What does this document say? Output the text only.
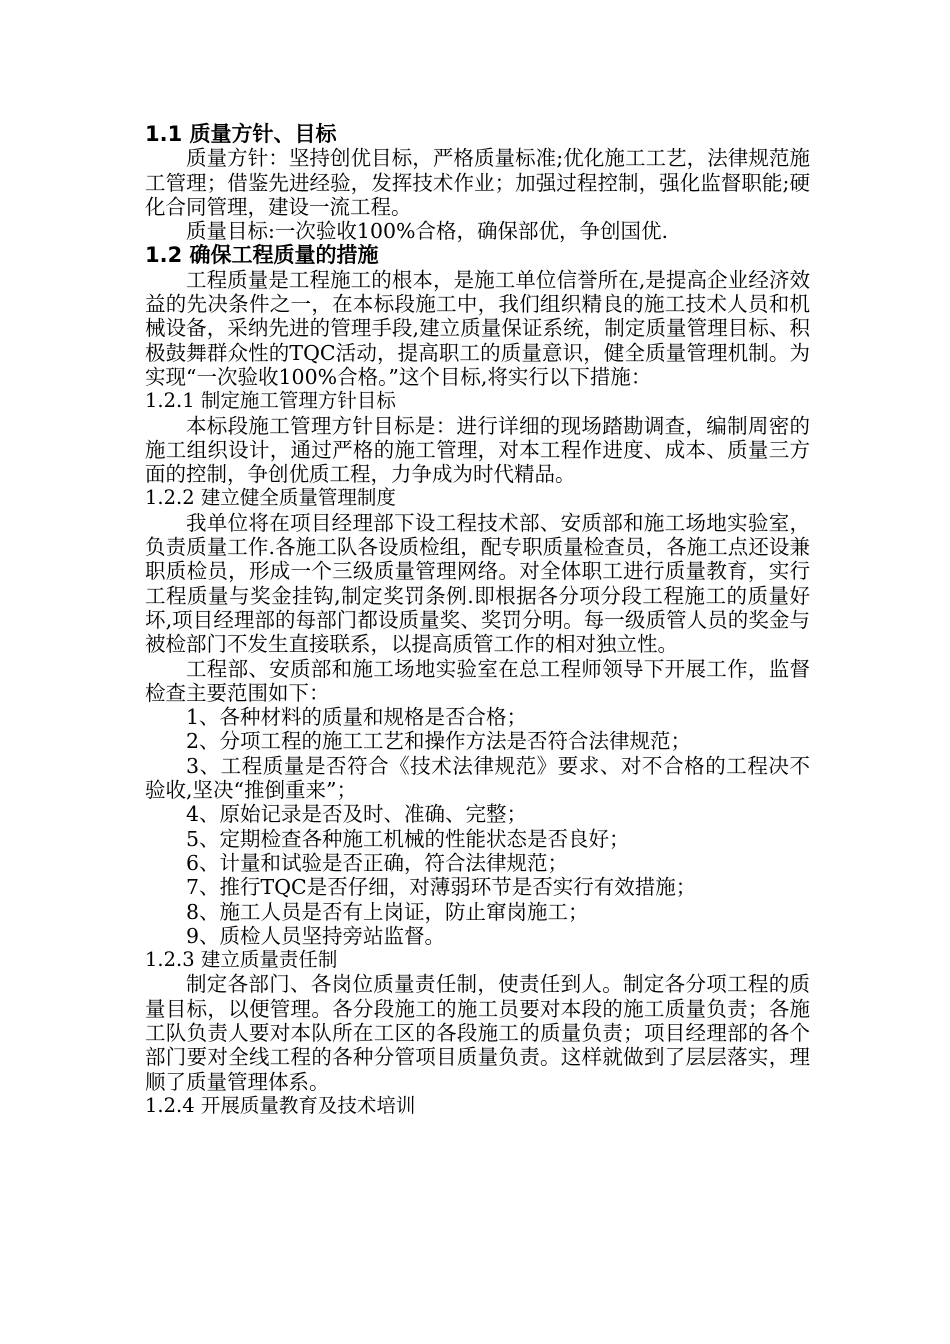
1.1 质量方针、目标
质量方针：坚持创优目标，严格质量标准;优化施工工艺，法律规范施工管理；借鉴先进经验，发挥技术作业；加强过程控制，强化监督职能;硬化合同管理，建设一流工程。
质量目标:一次验收100%合格，确保部优，争创国优.
1.2 确保工程质量的措施
工程质量是工程施工的根本，是施工单位信誉所在,是提高企业经济效益的先决条件之一，在本标段施工中，我们组织精良的施工技术人员和机械设备，采纳先进的管理手段,建立质量保证系统，制定质量管理目标、积极鼓舞群众性的TQC活动，提高职工的质量意识，健全质量管理机制。为实现“一次验收100%合格。”这个目标,将实行以下措施：
1.2.1 制定施工管理方针目标
本标段施工管理方针目标是：进行详细的现场踏勘调查，编制周密的施工组织设计，通过严格的施工管理，对本工程作进度、成本、质量三方面的控制，争创优质工程，力争成为时代精品。
1.2.2 建立健全质量管理制度
我单位将在项目经理部下设工程技术部、安质部和施工场地实验室，负责质量工作.各施工队各设质检组，配专职质量检查员，各施工点还设兼职质检员，形成一个三级质量管理网络。对全体职工进行质量教育，实行工程质量与奖金挂钩,制定奖罚条例.即根据各分项分段工程施工的质量好坏,项目经理部的每部门都设质量奖、奖罚分明。每一级质管人员的奖金与被检部门不发生直接联系，以提高质管工作的相对独立性。
工程部、安质部和施工场地实验室在总工程师领导下开展工作，监督检查主要范围如下：
1、各种材料的质量和规格是否合格；
2、分项工程的施工工艺和操作方法是否符合法律规范；
3、工程质量是否符合《技术法律规范》要求、对不合格的工程决不验收,坚决“推倒重来”；
4、原始记录是否及时、准确、完整；
5、定期检查各种施工机械的性能状态是否良好；
6、计量和试验是否正确，符合法律规范；
7、推行TQC是否仔细，对薄弱环节是否实行有效措施；
8、施工人员是否有上岗证，防止窜岗施工；
9、质检人员坚持旁站监督。
1.2.3 建立质量责任制
制定各部门、各岗位质量责任制，使责任到人。制定各分项工程的质量目标，以便管理。各分段施工的施工员要对本段的施工质量负责；各施工队负责人要对本队所在工区的各段施工的质量负责；项目经理部的各个部门要对全线工程的各种分管项目质量负责。这样就做到了层层落实，理顺了质量管理体系。
1.2.4 开展质量教育及技术培训
